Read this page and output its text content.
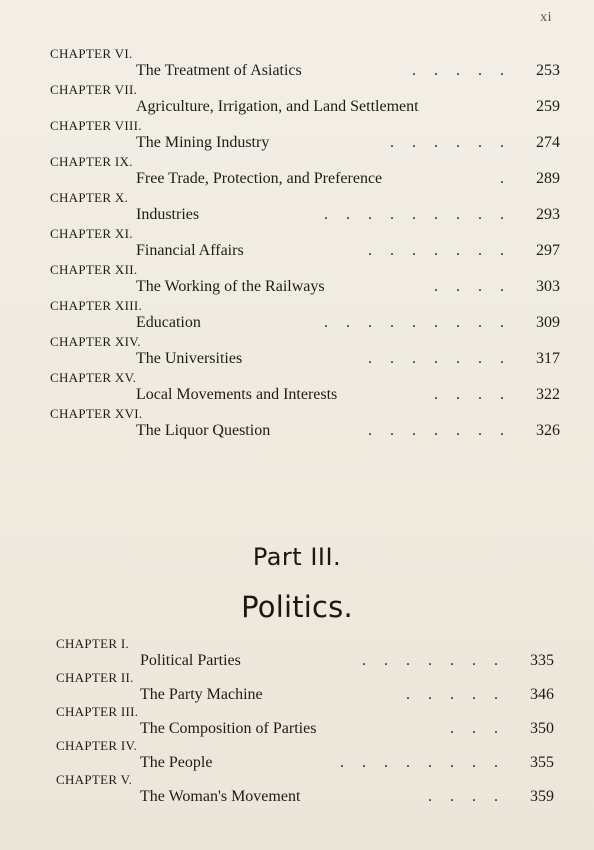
xi
CHAPTER VI.
The Treatment of Asiatics	..... 253
CHAPTER VII.
Agriculture, Irrigation, and Land Settlement	259
CHAPTER VIII.
The Mining Industry	...... 274
CHAPTER IX.
Free Trade, Protection, and Preference	. 289
CHAPTER X.
Industries	......... 293
CHAPTER XI.
Financial Affairs	....... 297
CHAPTER XII.
The Working of the Railways	.... 303
CHAPTER XIII.
Education	......... 309
CHAPTER XIV.
The Universities	....... 317
CHAPTER XV.
Local Movements and Interests	.... 322
CHAPTER XVI.
The Liquor Question	....... 326
Part III.
Politics.
CHAPTER I.
Political Parties	....... 335
CHAPTER II.
The Party Machine	..... 346
CHAPTER III.
The Composition of Parties	... 350
CHAPTER IV.
The People	........ 355
CHAPTER V.
The Woman's Movement	.... 359
